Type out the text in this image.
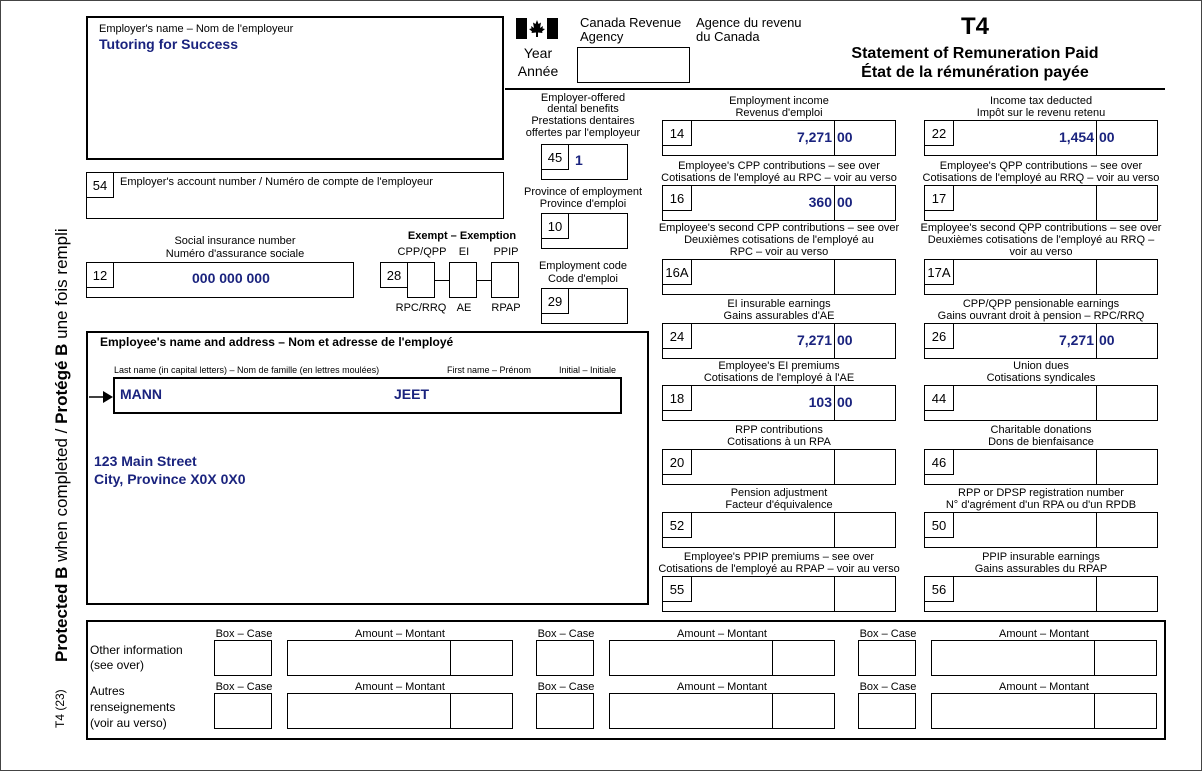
Protected B when completed / Protégé B une fois rempli
T4 (23)
Employer's name – Nom de l'employeur
Tutoring for Success
54	Employer's account number / Numéro de compte de l'employeur
Social insurance number
Numéro d'assurance sociale
12	000 000 000
Exempt – Exemption
CPP/QPP	EI	PPIP
28
RPC/RRQ AE	RPAP
Year
Année
Canada Revenue
Agency
Agence du revenu
du Canada	T4
Statement of Remuneration Paid
État de la rémunération payée
Employer-offered
dental benefits
Prestations dentaires
offertes par l'employeur
45 1
Province of employment
Province d'emploi
10
Employment code
Code d'emploi
29
Employee's name and address – Nom et adresse de l'employé
Last name (in capital letters) – Nom de famille (en lettres moulées)	First name – Prénom	Initial – Initiale
MANN	JEET
123 Main Street
City, Province X0X 0X0
Employment income
Revenus d'emploi
14	7,271 00
Income tax deducted
Impôt sur le revenu retenu
22	1,454 00
Employee's CPP contributions – see over
Cotisations de l'employé au RPC – voir au verso
16	360 00
Employee's QPP contributions – see over
Cotisations de l'employé au RRQ – voir au verso
17
Employee's second CPP contributions – see over
Deuxièmes cotisations de l'employé au
RPC – voir au verso
16A
Employee's second QPP contributions – see over
Deuxièmes cotisations de l'employé au RRQ –
voir au verso
17A
EI insurable earnings
Gains assurables d'AE
24	7,271 00
CPP/QPP pensionable earnings
Gains ouvrant droit à pension – RPC/RRQ
26	7,271 00
Employee's EI premiums
Cotisations de l'employé à l'AE
18	103 00
Union dues
Cotisations syndicales
44
RPP contributions
Cotisations à un RPA
20
Charitable donations
Dons de bienfaisance
46
Pension adjustment
Facteur d'équivalence
52
RPP or DPSP registration number
N° d'agrément d'un RPA ou d'un RPDB
50
Employee's PPIP premiums – see over
Cotisations de l'employé au RPAP – voir au verso
55
PPIP insurable earnings
Gains assurables du RPAP
56
Other information
(see over)
Autres
renseignements
(voir au verso)
Box – Case	Amount – Montant	Box – Case	Amount – Montant	Box – Case	Amount – Montant
Box – Case	Amount – Montant	Box – Case	Amount – Montant	Box – Case	Amount – Montant
